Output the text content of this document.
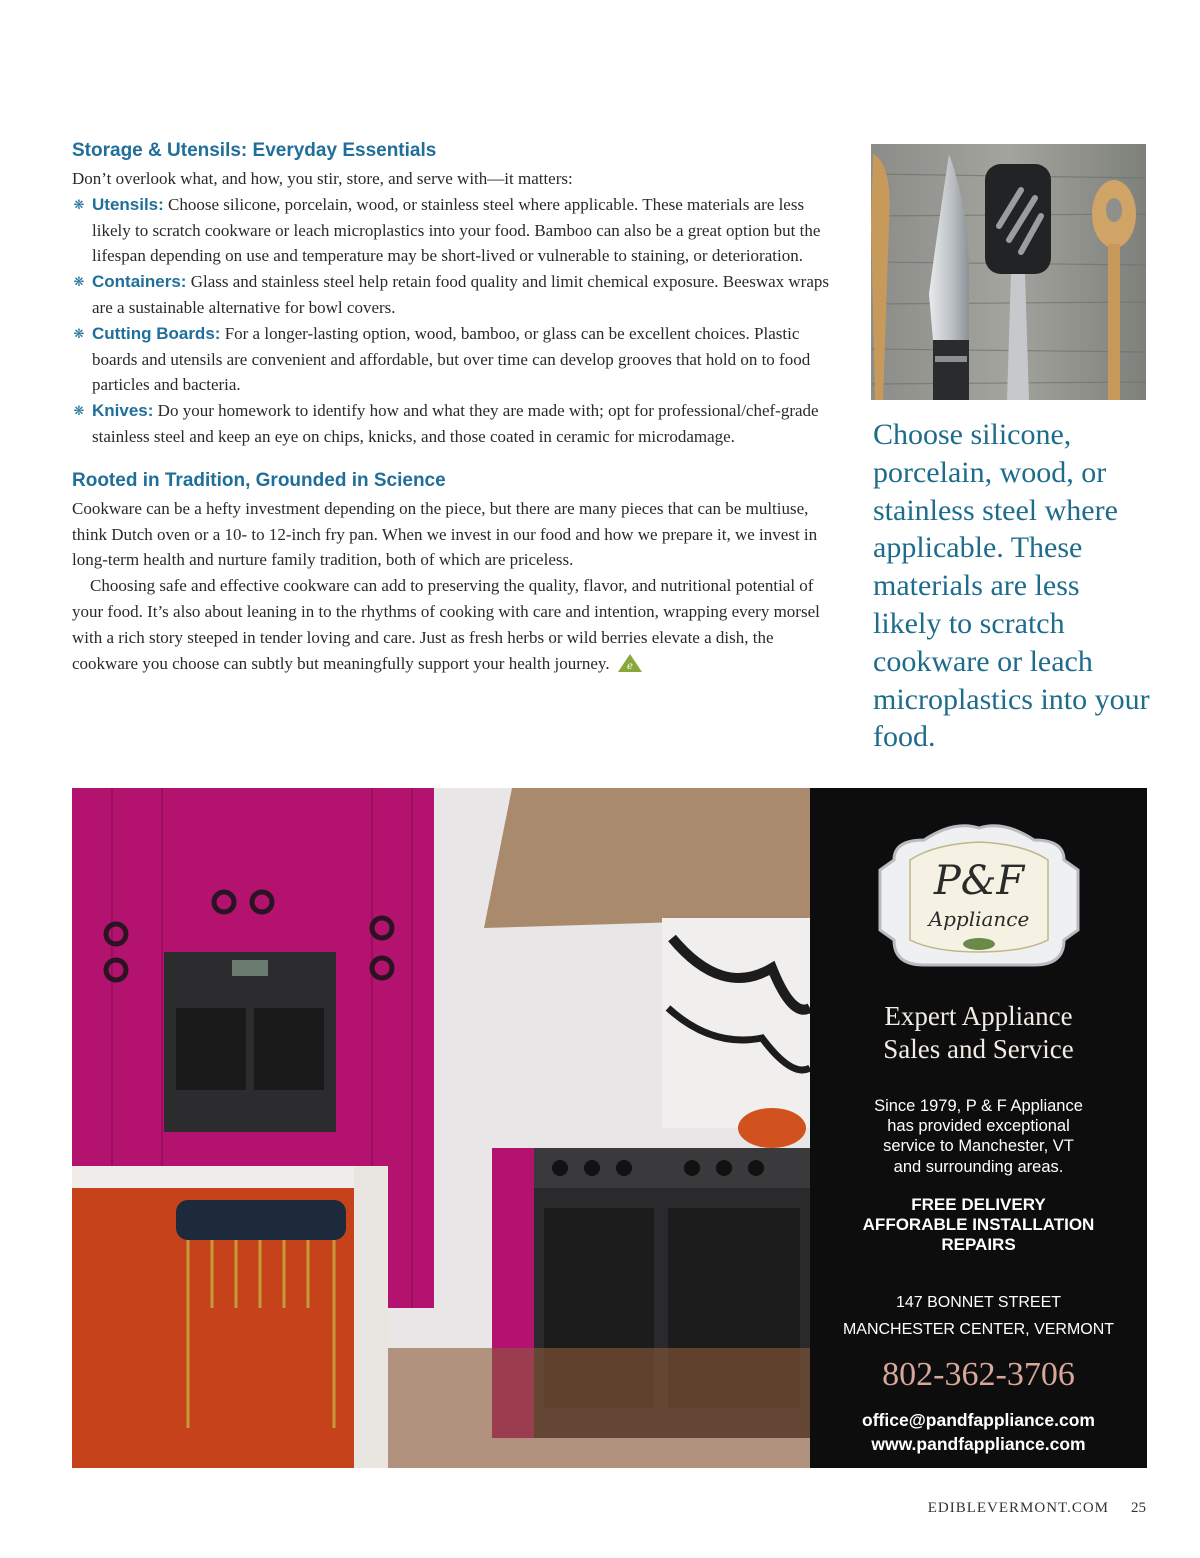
Storage & Utensils: Everyday Essentials

Don’t overlook what, and how, you stir, store, and serve with—it matters:

❋ Utensils: Choose silicone, porcelain, wood, or stainless steel where applicable. These materials are less likely to scratch cookware or leach microplastics into your food. Bamboo can also be a great option but the lifespan depending on use and temperature may be short-lived or vulnerable to staining, or deterioration.
❋ Containers: Glass and stainless steel help retain food quality and limit chemical exposure. Beeswax wraps are a sustainable alternative for bowl covers.
❋ Cutting Boards: For a longer-lasting option, wood, bamboo, or glass can be excellent choices. Plastic boards and utensils are convenient and affordable, but over time can develop grooves that hold on to food particles and bacteria.
❋ Knives: Do your homework to identify how and what they are made with; opt for professional/chef-grade stainless steel and keep an eye on chips, knicks, and those coated in ceramic for microdamage.
Rooted in Tradition, Grounded in Science

Cookware can be a hefty investment depending on the piece, but there are many pieces that can be multiuse, think Dutch oven or a 10- to 12-inch fry pan. When we invest in our food and how we prepare it, we invest in long-term health and nurture family tradition, both of which are priceless.

Choosing safe and effective cookware can add to preserving the quality, flavor, and nutritional potential of your food. It’s also about leaning in to the rhythms of cooking with care and intention, wrapping every morsel with a rich story steeped in tender loving and care. Just as fresh herbs or wild berries elevate a dish, the cookware you choose can subtly but meaningfully support your health journey. e

Choose silicone, porcelain, wood, or stainless steel where applicable. These materials are less likely to scratch cookware or leach microplastics into your food.

P&F
Appliance
Expert Appliance
Sales and Service
Since 1979, P & F Appliance
has provided exceptional
service to Manchester, VT
and surrounding areas.
FREE DELIVERY
AFFORABLE INSTALLATION
REPAIRS
147 BONNET STREET
MANCHESTER CENTER, VERMONT
802-362-3706
office@pandfappliance.com
www.pandfappliance.com
EDIBLEVERMONT.COM 25
